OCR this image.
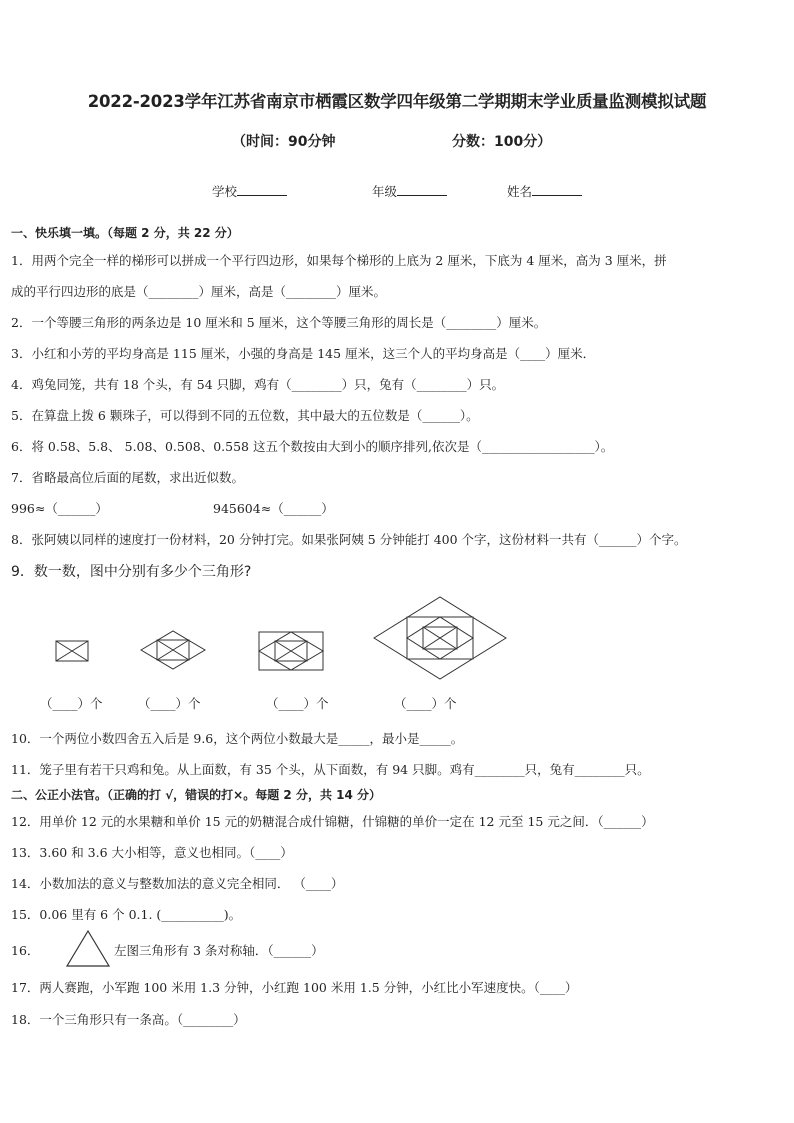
2022-2023学年江苏省南京市栖霞区数学四年级第二学期期末学业质量监测模拟试题
（时间：90分钟	分数：100分）
学校	年级	姓名
一、快乐填一填。（每题 2 分，共 22 分）
1．用两个完全一样的梯形可以拼成一个平行四边形，如果每个梯形的上底为 2 厘米，下底为 4 厘米，高为 3 厘米，拼
成的平行四边形的底是（________）厘米，高是（________）厘米。
2．一个等腰三角形的两条边是 10 厘米和 5 厘米，这个等腰三角形的周长是（________）厘米。
3．小红和小芳的平均身高是 115 厘米，小强的身高是 145 厘米，这三个人的平均身高是（____）厘米．
4．鸡兔同笼，共有 18 个头，有 54 只脚，鸡有（________）只，兔有（________）只。
5．在算盘上拨 6 颗珠子，可以得到不同的五位数，其中最大的五位数是（______）。
6．将 0.58、5.8、 5.08、0.508、0.558 这五个数按由大到小的顺序排列,依次是（__________________）。
7．省略最高位后面的尾数，求出近似数。
996≈（______）	945604≈（______）
8．张阿姨以同样的速度打一份材料，20 分钟打完。如果张阿姨 5 分钟能打 400 个字，这份材料一共有（______）个字。
9．数一数，图中分别有多少个三角形?
（____）个	（____）个	（____）个	（____）个
10．一个两位小数四舍五入后是 9.6，这个两位小数最大是_____，最小是_____。
11．笼子里有若干只鸡和兔。从上面数，有 35 个头，从下面数，有 94 只脚。鸡有________只，兔有________只。
二、公正小法官。（正确的打 √，错误的打×。每题 2 分，共 14 分）
12．用单价 12 元的水果糖和单价 15 元的奶糖混合成什锦糖，什锦糖的单价一定在 12 元至 15 元之间．（______）
13．3.60 和 3.6 大小相等，意义也相同。（____）
14．小数加法的意义与整数加法的意义完全相同． （____）
15．0.06 里有 6 个 0.1. (__________)。
16．	左图三角形有 3 条对称轴．（______）
17．两人赛跑，小军跑 100 米用 1.3 分钟，小红跑 100 米用 1.5 分钟，小红比小军速度快。（____）
18．一个三角形只有一条高。（________）
